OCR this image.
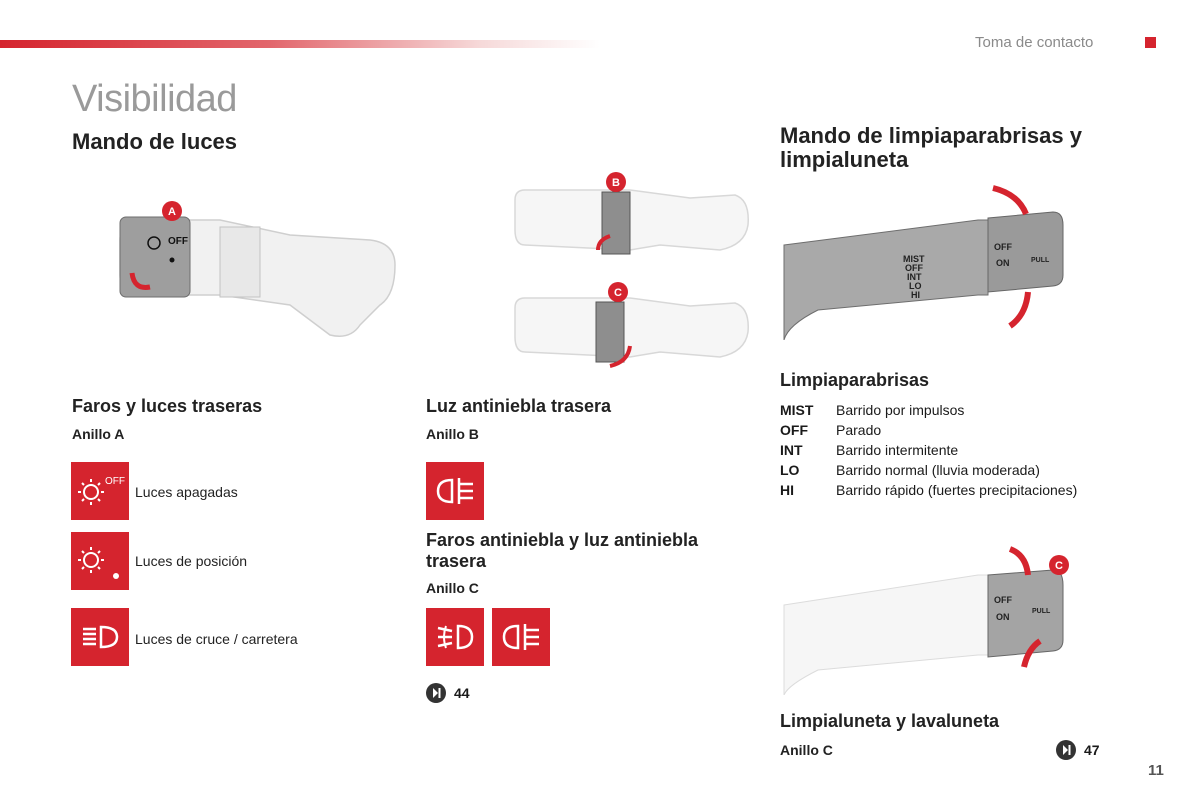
Toma de contacto
Visibilidad
Mando de luces
OFF
A
B
C
Faros y luces traseras
Anillo A
OFF
Luces apagadas
Luces de posición
Luces de cruce / carretera
Luz antiniebla trasera
Anillo B
Faros antiniebla y luz antiniebla trasera
Anillo C
44
Mando de limpiaparabrisas y limpialuneta
MIST
OFF
INT
LO
HI
OFF
ON	PULL
Limpiaparabrisas
MIST	Barrido por impulsos
OFF	Parado
INT	Barrido intermitente
LO	Barrido normal (lluvia moderada)
HI	Barrido rápido (fuertes precipitaciones)
OFF
ON
PULL
C
Limpialuneta y lavaluneta
Anillo C	47
11
